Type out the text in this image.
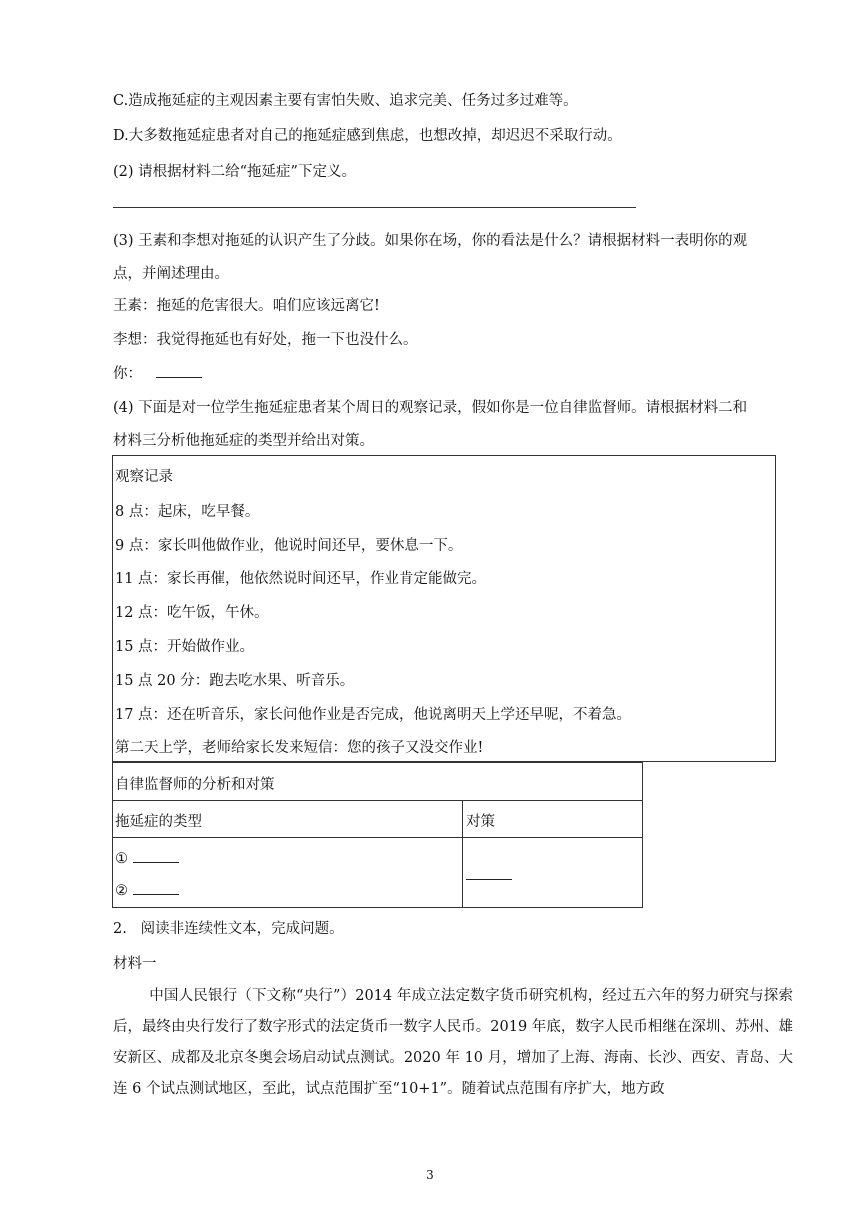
C.造成拖延症的主观因素主要有害怕失败、追求完美、任务过多过难等。
D.大多数拖延症患者对自己的拖延症感到焦虑，也想改掉，却迟迟不采取行动。
(2) 请根据材料二给“拖延症”下定义。
(3) 王素和李想对拖延的认识产生了分歧。如果你在场，你的看法是什么？请根据材料一表明你的观
点，并阐述理由。
王素：拖延的危害很大。咱们应该远离它!
李想：我觉得拖延也有好处，拖一下也没什么。
你：
(4) 下面是对一位学生拖延症患者某个周日的观察记录，假如你是一位自律监督师。请根据材料二和
材料三分析他拖延症的类型并给出对策。
观察记录
8 点：起床，吃早餐。
9 点：家长叫他做作业，他说时间还早，要休息一下。
11 点：家长再催，他依然说时间还早，作业肯定能做完。
12 点：吃午饭，午休。
15 点：开始做作业。
15 点 20 分：跑去吃水果、听音乐。
17 点：还在听音乐，家长问他作业是否完成，他说离明天上学还早呢，不着急。
第二天上学，老师给家长发来短信：您的孩子又没交作业!
自律监督师的分析和对策
拖延症的类型	对策
①
②
2.   阅读非连续性文本，完成问题。
材料一
中国人民银行（下文称“央行”）2014 年成立法定数字货币研究机构，经过五六年的努力研究与探索后，最终由央行发行了数字形式的法定货币一数字人民币。2019 年底，数字人民币相继在深圳、苏州、雄安新区、成都及北京冬奥会场启动试点测试。2020 年 10 月，增加了上海、海南、长沙、西安、青岛、大连 6 个试点测试地区，至此，试点范围扩至“10+1”。随着试点范围有序扩大，地方政
3
